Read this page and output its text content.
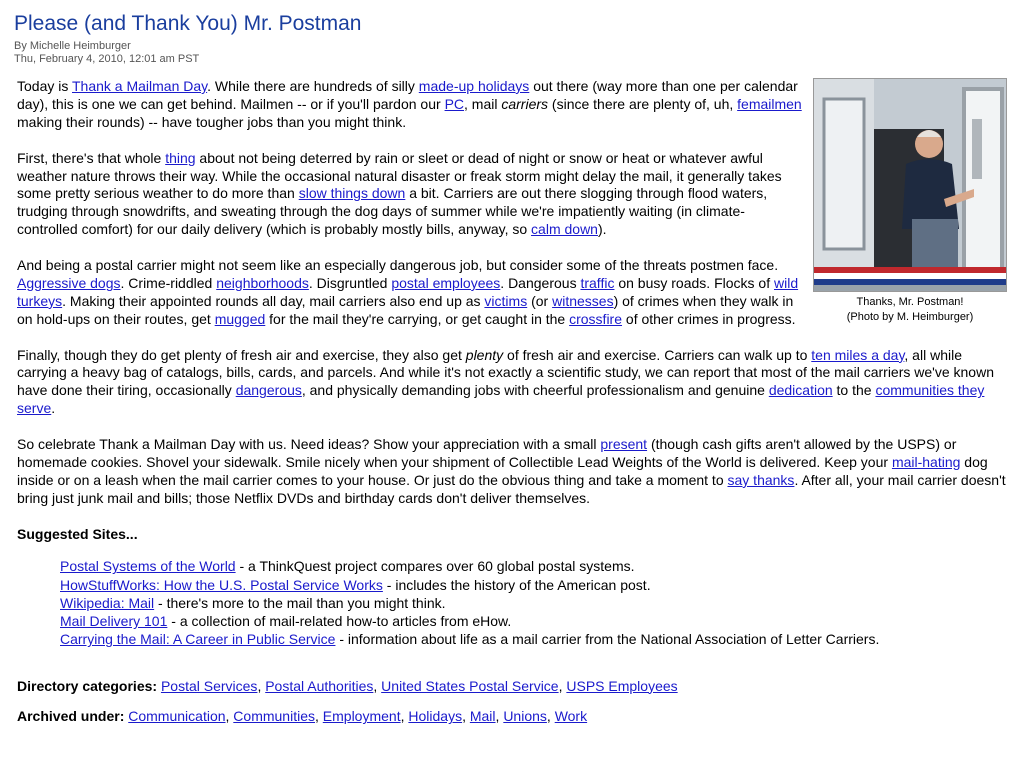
Please (and Thank You) Mr. Postman
By Michelle Heimburger
Thu, February 4, 2010, 12:01 am PST
Thanks, Mr. Postman!
(Photo by M. Heimburger)

Today is Thank a Mailman Day. While there are hundreds of silly made-up holidays out there (way more than one per calendar day), this is one we can get behind. Mailmen -- or if you'll pardon our PC, mail carriers (since there are plenty of, uh, femailmen making their rounds) -- have tougher jobs than you might think.

First, there's that whole thing about not being deterred by rain or sleet or dead of night or snow or heat or whatever awful weather nature throws their way. While the occasional natural disaster or freak storm might delay the mail, it generally takes some pretty serious weather to do more than slow things down a bit. Carriers are out there slogging through flood waters, trudging through snowdrifts, and sweating through the dog days of summer while we're impatiently waiting (in climate-controlled comfort) for our daily delivery (which is probably mostly bills, anyway, so calm down).

And being a postal carrier might not seem like an especially dangerous job, but consider some of the threats postmen face. Aggressive dogs. Crime-riddled neighborhoods. Disgruntled postal employees. Dangerous traffic on busy roads. Flocks of wild turkeys. Making their appointed rounds all day, mail carriers also end up as victims (or witnesses) of crimes when they walk in on hold-ups on their routes, get mugged for the mail they're carrying, or get caught in the crossfire of other crimes in progress.

Finally, though they do get plenty of fresh air and exercise, they also get plenty of fresh air and exercise. Carriers can walk up to ten miles a day, all while carrying a heavy bag of catalogs, bills, cards, and parcels. And while it's not exactly a scientific study, we can report that most of the mail carriers we've known have done their tiring, occasionally dangerous, and physically demanding jobs with cheerful professionalism and genuine dedication to the communities they serve.

So celebrate Thank a Mailman Day with us. Need ideas? Show your appreciation with a small present (though cash gifts aren't allowed by the USPS) or homemade cookies. Shovel your sidewalk. Smile nicely when your shipment of Collectible Lead Weights of the World is delivered. Keep your mail-hating dog inside or on a leash when the mail carrier comes to your house. Or just do the obvious thing and take a moment to say thanks. After all, your mail carrier doesn't bring just junk mail and bills; those Netflix DVDs and birthday cards don't deliver themselves.

Suggested Sites...
Postal Systems of the World - a ThinkQuest project compares over 60 global postal systems.
HowStuffWorks: How the U.S. Postal Service Works - includes the history of the American post.
Wikipedia: Mail - there's more to the mail than you might think.
Mail Delivery 101 - a collection of mail-related how-to articles from eHow.
Carrying the Mail: A Career in Public Service - information about life as a mail carrier from the National Association of Letter Carriers.
Directory categories: Postal Services, Postal Authorities, United States Postal Service, USPS Employees
Archived under: Communication, Communities, Employment, Holidays, Mail, Unions, Work
